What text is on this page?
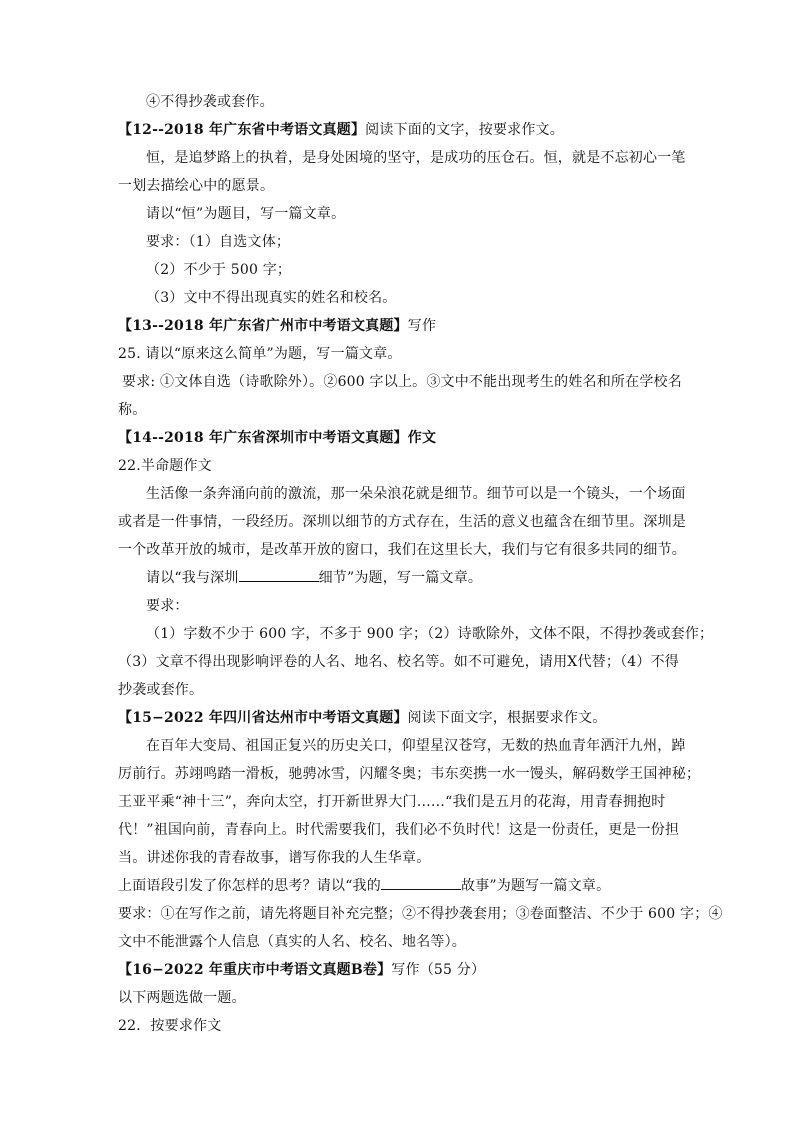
④不得抄袭或套作。
【12--2018 年广东省中考语文真题】阅读下面的文字，按要求作文。
恒，是追梦路上的执着，是身处困境的坚守，是成功的压仓石。恒，就是不忘初心一笔
一划去描绘心中的愿景。
请以“恒”为题目，写一篇文章。
要求：（1）自选文体；
（2）不少于 500 字；
（3）文中不得出现真实的姓名和校名。
【13--2018 年广东省广州市中考语文真题】写作
25. 请以“原来这么简单”为题，写一篇文章。
要求: ①文体自选（诗歌除外）。②600 字以上。③文中不能出现考生的姓名和所在学校名
称。
【14--2018 年广东省深圳市中考语文真题】作文
22.半命题作文
生活像一条奔涌向前的激流，那一朵朵浪花就是细节。细节可以是一个镜头，一个场面
或者是一件事情，一段经历。深圳以细节的方式存在，生活的意义也蕴含在细节里。深圳是
一个改革开放的城市，是改革开放的窗口，我们在这里长大，我们与它有很多共同的细节。
请以“我与深圳	细节”为题，写一篇文章。
要求：
（1）字数不少于 600 字，不多于 900 字；（2）诗歌除外，文体不限，不得抄袭或套作；
（3）文章不得出现影响评卷的人名、地名、校名等。如不可避免，请用X代替；（4）不得
抄袭或套作。
【15−2022 年四川省达州市中考语文真题】阅读下面文字，根据要求作文。
在百年大变局、祖国正复兴的历史关口，仰望星汉苍穹，无数的热血青年洒汗九州，踔
厉前行。苏翊鸣踏一滑板，驰骋冰雪，闪耀冬奥；韦东奕携一水一馒头，解码数学王国神秘；
王亚平乘“神十三”，奔向太空，打开新世界大门……“我们是五月的花海，用青春拥抱时
代！”祖国向前，青春向上。时代需要我们，我们必不负时代！这是一份责任，更是一份担
当。讲述你我的青春故事，谱写你我的人生华章。
上面语段引发了你怎样的思考？请以“我的	故事”为题写一篇文章。
要求：①在写作之前，请先将题目补充完整；②不得抄袭套用；③卷面整洁、不少于 600 字；④
文中不能泄露个人信息（真实的人名、校名、地名等）。
【16−2022 年重庆市中考语文真题B卷】写作（55 分）
以下两题选做一题。
22．按要求作文
